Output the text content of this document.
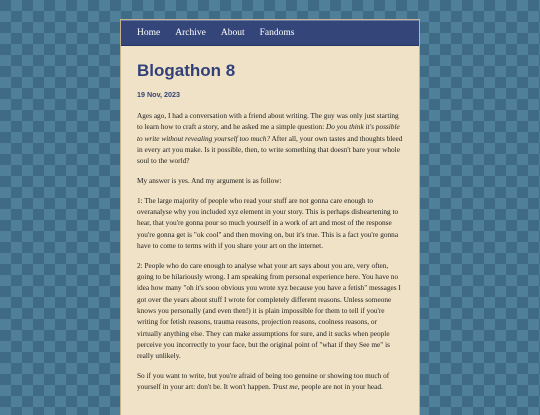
Home Archive About Fandoms
Blogathon 8
19 Nov, 2023

Ages ago, I had a conversation with a friend about writing. The guy was only just starting to learn how to craft a story, and he asked me a simple question: Do you think it's possible to write without revealing yourself too much? After all, your own tastes and thoughts bleed in every art you make. Is it possible, then, to write something that doesn't bare your whole soul to the world?

My answer is yes. And my argument is as follow:

1: The large majority of people who read your stuff are not gonna care enough to overanalyse why you included xyz element in your story. This is perhaps disheartening to hear, that you're gonna pour so much yourself in a work of art and most of the response you're gonna get is "ok cool" and then moving on, but it's true. This is a fact you're gonna have to come to terms with if you share your art on the internet.

2: People who do care enough to analyse what your art says about you are, very often, going to be hilariously wrong. I am speaking from personal experience here. You have no idea how many "oh it's sooo obvious you wrote xyz because you have a fetish" messages I got over the years about stuff I wrote for completely different reasons. Unless someone knows you personally (and even then!) it is plain impossible for them to tell if you're writing for fetish reasons, trauma reasons, projection reasons, coolness reasons, or virtually anything else. They can make assumptions for sure, and it sucks when people perceive you incorrectly to your face, but the original point of "what if they See me" is really unlikely.

So if you want to write, but you're afraid of being too genuine or showing too much of yourself in your art: don't be. It won't happen. Trust me, people are not in your head.
